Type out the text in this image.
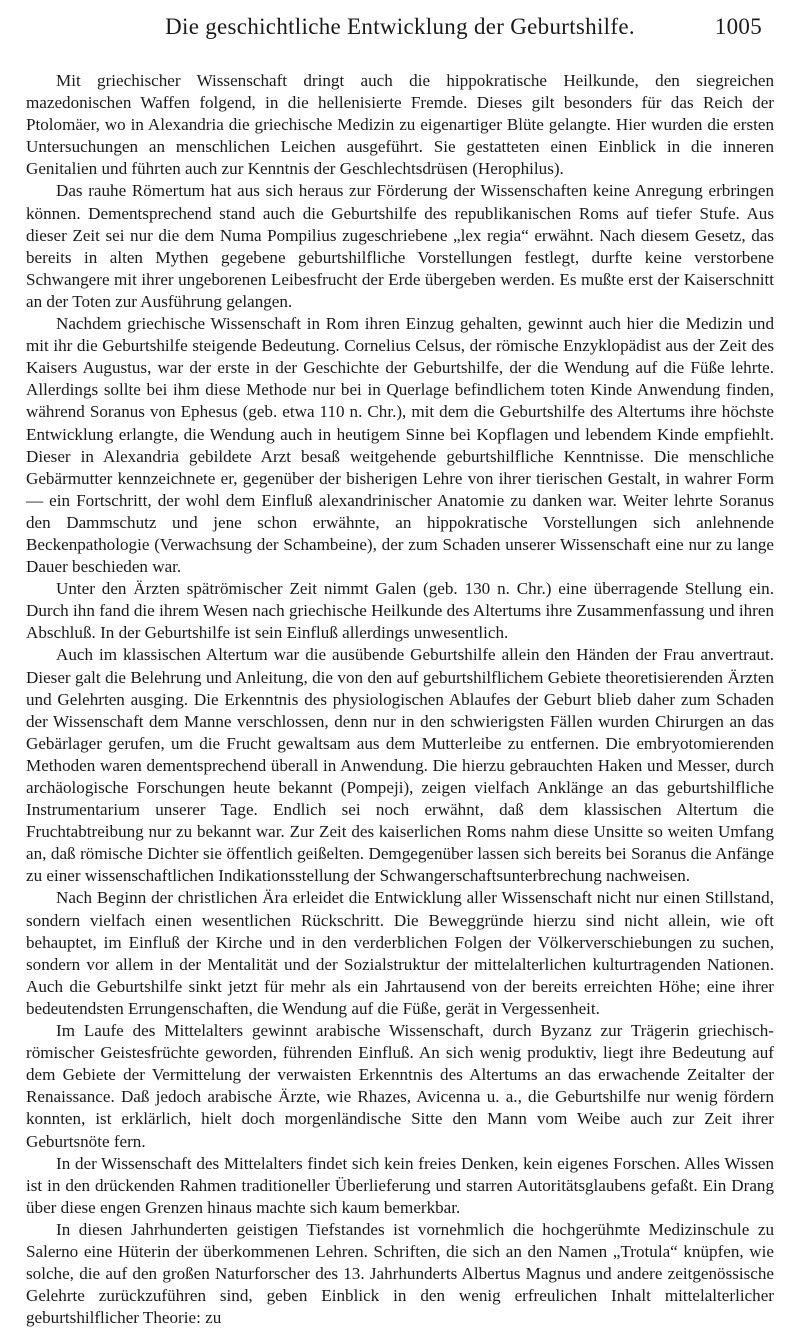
Die geschichtliche Entwicklung der Geburtshilfe.	1005

Mit griechischer Wissenschaft dringt auch die hippokratische Heilkunde, den siegreichen mazedonischen Waffen folgend, in die hellenisierte Fremde. Dieses gilt besonders für das Reich der Ptolomäer, wo in Alexandria die griechische Medizin zu eigenartiger Blüte gelangte. Hier wurden die ersten Untersuchungen an menschlichen Leichen ausgeführt. Sie gestatteten einen Einblick in die inneren Genitalien und führten auch zur Kenntnis der Geschlechtsdrüsen (Herophilus).

Das rauhe Römertum hat aus sich heraus zur Förderung der Wissenschaften keine Anregung erbringen können. Dementsprechend stand auch die Geburtshilfe des republikanischen Roms auf tiefer Stufe. Aus dieser Zeit sei nur die dem Numa Pompilius zugeschriebene „lex regia“ erwähnt. Nach diesem Gesetz, das bereits in alten Mythen gegebene geburtshilfliche Vorstellungen festlegt, durfte keine verstorbene Schwangere mit ihrer ungeborenen Leibesfrucht der Erde übergeben werden. Es mußte erst der Kaiserschnitt an der Toten zur Ausführung gelangen.

Nachdem griechische Wissenschaft in Rom ihren Einzug gehalten, gewinnt auch hier die Medizin und mit ihr die Geburtshilfe steigende Bedeutung. Cornelius Celsus, der römische Enzyklopädist aus der Zeit des Kaisers Augustus, war der erste in der Geschichte der Geburtshilfe, der die Wendung auf die Füße lehrte. Allerdings sollte bei ihm diese Methode nur bei in Querlage befindlichem toten Kinde Anwendung finden, während Soranus von Ephesus (geb. etwa 110 n. Chr.), mit dem die Geburtshilfe des Altertums ihre höchste Entwicklung erlangte, die Wendung auch in heutigem Sinne bei Kopflagen und lebendem Kinde empfiehlt. Dieser in Alexandria gebildete Arzt besaß weitgehende geburtshilfliche Kenntnisse. Die menschliche Gebärmutter kennzeichnete er, gegenüber der bisherigen Lehre von ihrer tierischen Gestalt, in wahrer Form — ein Fortschritt, der wohl dem Einfluß alexandrinischer Anatomie zu danken war. Weiter lehrte Soranus den Dammschutz und jene schon erwähnte, an hippokratische Vorstellungen sich anlehnende Beckenpathologie (Verwachsung der Schambeine), der zum Schaden unserer Wissenschaft eine nur zu lange Dauer beschieden war.

Unter den Ärzten spätrömischer Zeit nimmt Galen (geb. 130 n. Chr.) eine überragende Stellung ein. Durch ihn fand die ihrem Wesen nach griechische Heilkunde des Altertums ihre Zusammenfassung und ihren Abschluß. In der Geburtshilfe ist sein Einfluß allerdings unwesentlich.

Auch im klassischen Altertum war die ausübende Geburtshilfe allein den Händen der Frau anvertraut. Dieser galt die Belehrung und Anleitung, die von den auf geburtshilflichem Gebiete theoretisierenden Ärzten und Gelehrten ausging. Die Erkenntnis des physiologischen Ablaufes der Geburt blieb daher zum Schaden der Wissenschaft dem Manne verschlossen, denn nur in den schwierigsten Fällen wurden Chirurgen an das Gebärlager gerufen, um die Frucht gewaltsam aus dem Mutterleibe zu entfernen. Die embryotomierenden Methoden waren dementsprechend überall in Anwendung. Die hierzu gebrauchten Haken und Messer, durch archäologische Forschungen heute bekannt (Pompeji), zeigen vielfach Anklänge an das geburtshilfliche Instrumentarium unserer Tage. Endlich sei noch erwähnt, daß dem klassischen Altertum die Fruchtabtreibung nur zu bekannt war. Zur Zeit des kaiserlichen Roms nahm diese Unsitte so weiten Umfang an, daß römische Dichter sie öffentlich geißelten. Demgegenüber lassen sich bereits bei Soranus die Anfänge zu einer wissenschaftlichen Indikationsstellung der Schwangerschaftsunterbrechung nachweisen.

Nach Beginn der christlichen Ära erleidet die Entwicklung aller Wissenschaft nicht nur einen Stillstand, sondern vielfach einen wesentlichen Rückschritt. Die Beweggründe hierzu sind nicht allein, wie oft behauptet, im Einfluß der Kirche und in den verderblichen Folgen der Völkerverschiebungen zu suchen, sondern vor allem in der Mentalität und der Sozialstruktur der mittelalterlichen kulturtragenden Nationen. Auch die Geburtshilfe sinkt jetzt für mehr als ein Jahrtausend von der bereits erreichten Höhe; eine ihrer bedeutendsten Errungenschaften, die Wendung auf die Füße, gerät in Vergessenheit.

Im Laufe des Mittelalters gewinnt arabische Wissenschaft, durch Byzanz zur Trägerin griechisch-römischer Geistesfrüchte geworden, führenden Einfluß. An sich wenig produktiv, liegt ihre Bedeutung auf dem Gebiete der Vermittelung der verwaisten Erkenntnis des Altertums an das erwachende Zeitalter der Renaissance. Daß jedoch arabische Ärzte, wie Rhazes, Avicenna u. a., die Geburtshilfe nur wenig fördern konnten, ist erklärlich, hielt doch morgenländische Sitte den Mann vom Weibe auch zur Zeit ihrer Geburtsnöte fern.

In der Wissenschaft des Mittelalters findet sich kein freies Denken, kein eigenes Forschen. Alles Wissen ist in den drückenden Rahmen traditioneller Überlieferung und starren Autoritätsglaubens gefaßt. Ein Drang über diese engen Grenzen hinaus machte sich kaum bemerkbar.

In diesen Jahrhunderten geistigen Tiefstandes ist vornehmlich die hochgerühmte Medizinschule zu Salerno eine Hüterin der überkommenen Lehren. Schriften, die sich an den Namen „Trotula“ knüpfen, wie solche, die auf den großen Naturforscher des 13. Jahrhunderts Albertus Magnus und andere zeitgenössische Gelehrte zurückzuführen sind, geben Einblick in den wenig erfreulichen Inhalt mittelalterlicher geburtshilflicher Theorie: zu
